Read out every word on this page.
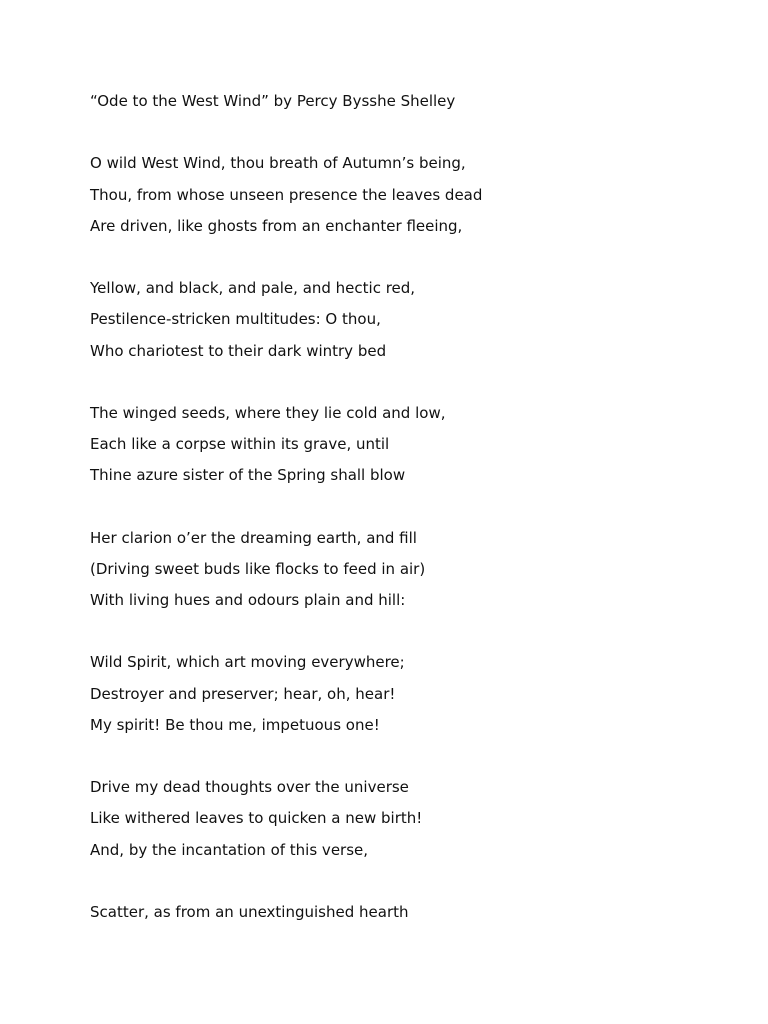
“Ode to the West Wind” by Percy Bysshe Shelley
O wild West Wind, thou breath of Autumn’s being,
Thou, from whose unseen presence the leaves dead
Are driven, like ghosts from an enchanter fleeing,
Yellow, and black, and pale, and hectic red,
Pestilence-stricken multitudes: O thou,
Who chariotest to their dark wintry bed
The winged seeds, where they lie cold and low,
Each like a corpse within its grave, until
Thine azure sister of the Spring shall blow
Her clarion o’er the dreaming earth, and fill
(Driving sweet buds like flocks to feed in air)
With living hues and odours plain and hill:
Wild Spirit, which art moving everywhere;
Destroyer and preserver; hear, oh, hear!
My spirit! Be thou me, impetuous one!
Drive my dead thoughts over the universe
Like withered leaves to quicken a new birth!
And, by the incantation of this verse,
Scatter, as from an unextinguished hearth
